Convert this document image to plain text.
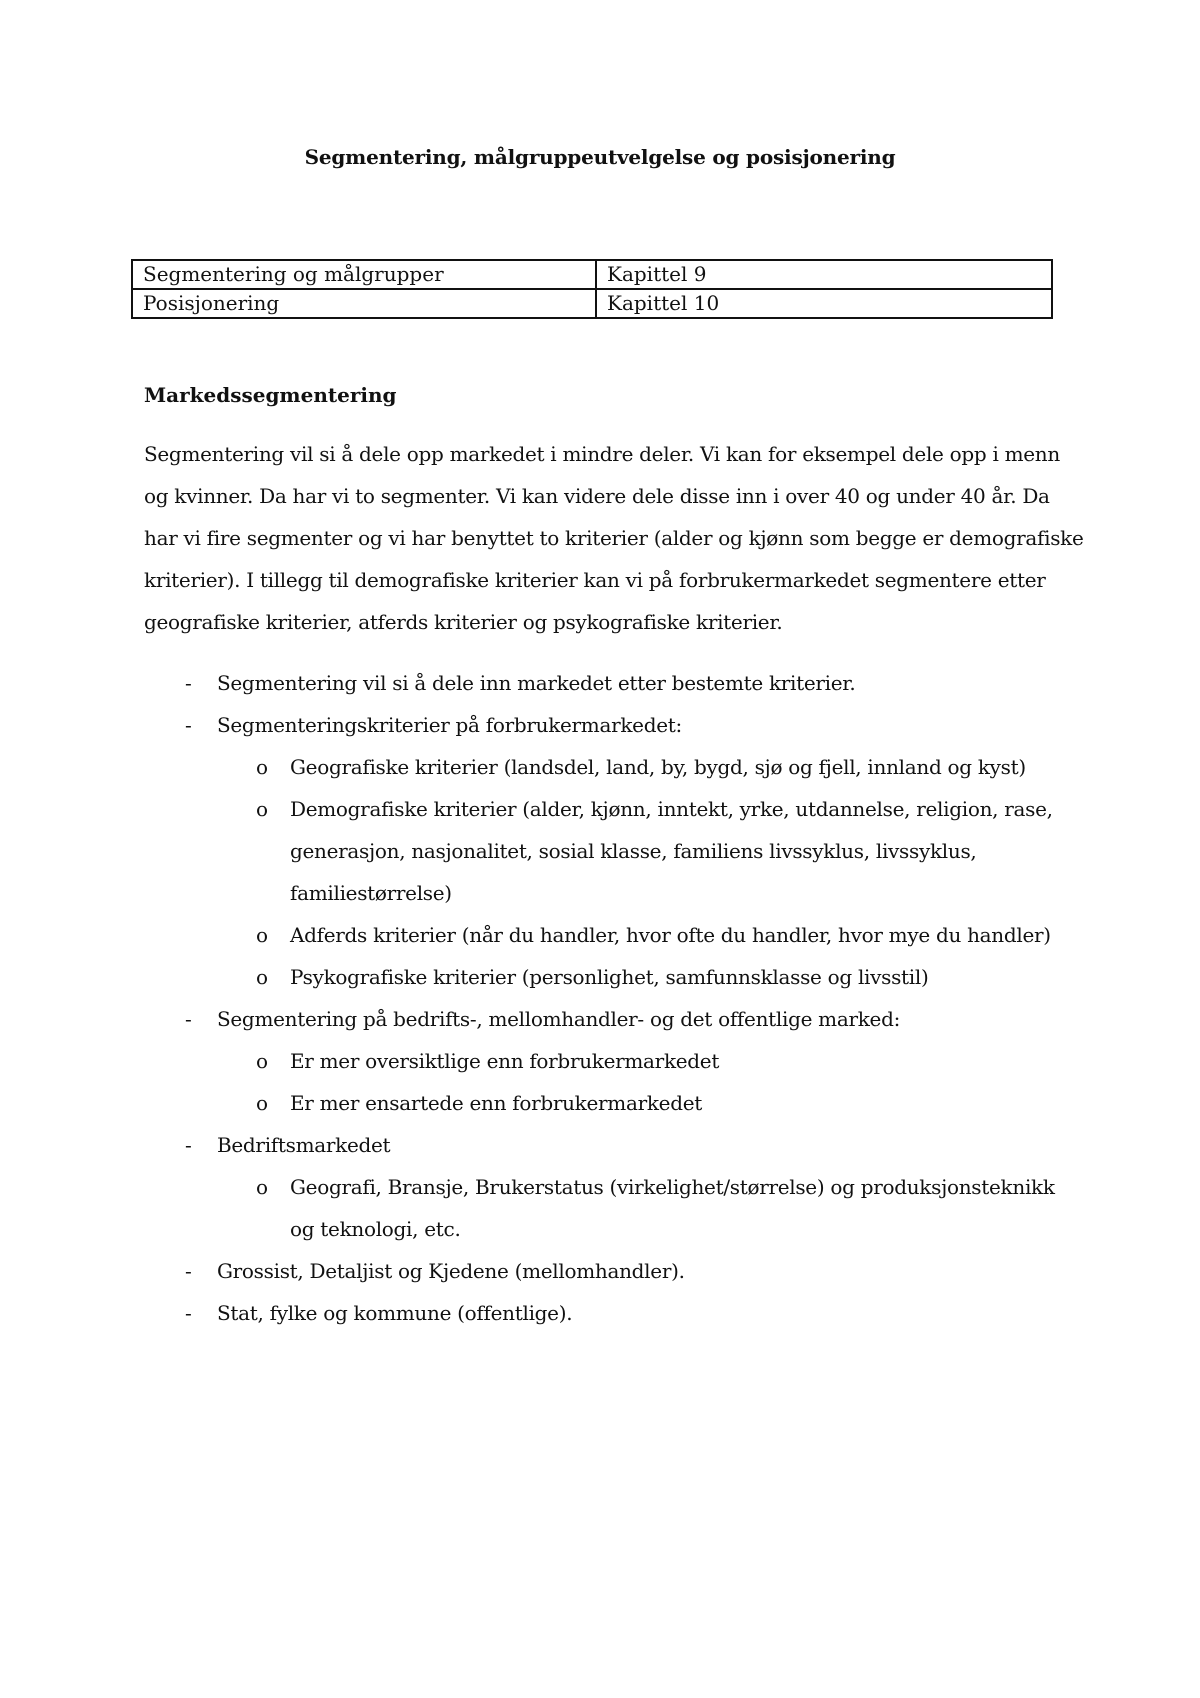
Segmentering, målgruppeutvelgelse og posisjonering
Segmentering og målgrupper	Kapittel 9
Posisjonering	Kapittel 10
Markedssegmentering
Segmentering vil si å dele opp markedet i mindre deler. Vi kan for eksempel dele opp i menn
og kvinner. Da har vi to segmenter. Vi kan videre dele disse inn i over 40 og under 40 år. Da
har vi fire segmenter og vi har benyttet to kriterier (alder og kjønn som begge er demografiske
kriterier). I tillegg til demografiske kriterier kan vi på forbrukermarkedet segmentere etter
geografiske kriterier, atferds kriterier og psykografiske kriterier.
- Segmentering vil si å dele inn markedet etter bestemte kriterier.
- Segmenteringskriterier på forbrukermarkedet:
o Geografiske kriterier (landsdel, land, by, bygd, sjø og fjell, innland og kyst)
o Demografiske kriterier (alder, kjønn, inntekt, yrke, utdannelse, religion, rase,
generasjon, nasjonalitet, sosial klasse, familiens livssyklus, livssyklus,
familiestørrelse)
o Adferds kriterier (når du handler, hvor ofte du handler, hvor mye du handler)
o Psykografiske kriterier (personlighet, samfunnsklasse og livsstil)
- Segmentering på bedrifts-, mellomhandler- og det offentlige marked:
o Er mer oversiktlige enn forbrukermarkedet
o Er mer ensartede enn forbrukermarkedet
- Bedriftsmarkedet
o Geografi, Bransje, Brukerstatus (virkelighet/størrelse) og produksjonsteknikk
og teknologi, etc.
- Grossist, Detaljist og Kjedene (mellomhandler).
- Stat, fylke og kommune (offentlige).
